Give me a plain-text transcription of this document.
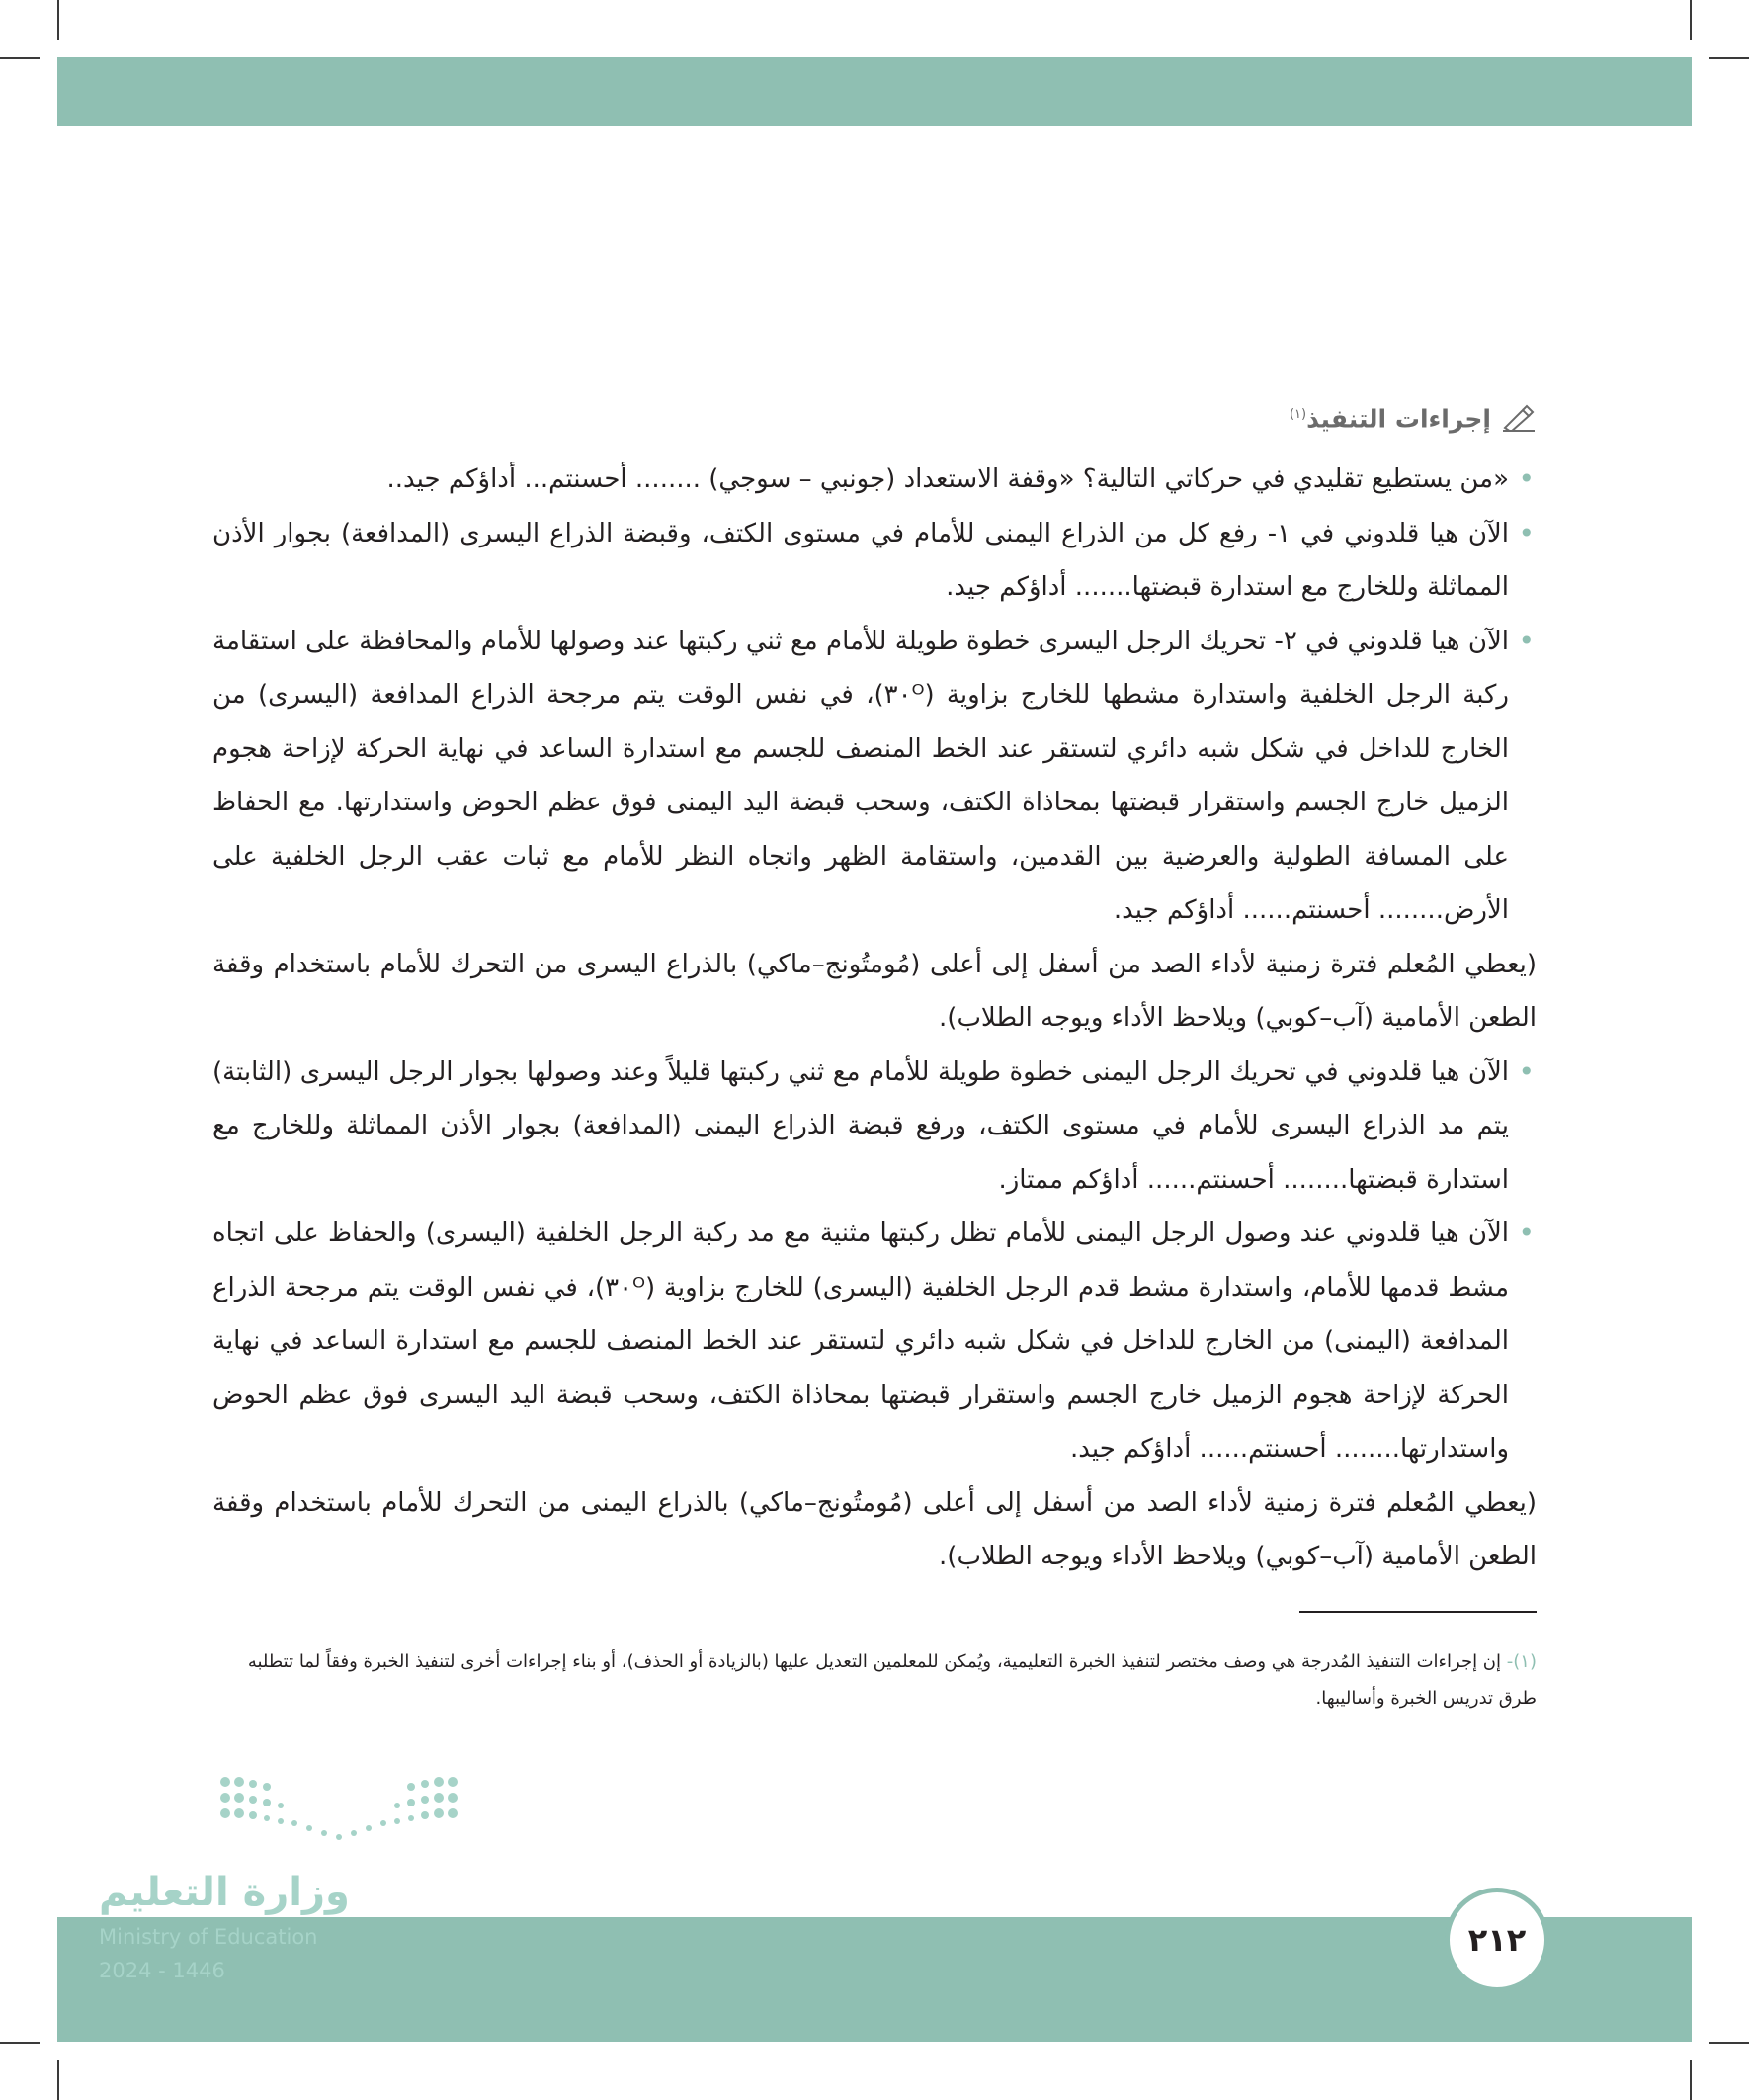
إجراءات التنفيذ$^{(١)}$

•
«من يستطيع تقليدي في حركاتي التالية؟ «وقفة الاستعداد (جونبي – سوجي) ........ أحسنتم... أداؤكم جيد..

•
الآن هيا قلدوني في ١- رفع كل من الذراع اليمنى للأمام في مستوى الكتف، وقبضة الذراع اليسرى (المدافعة) بجوار الأذن المماثلة وللخارج مع استدارة قبضتها....... أداؤكم جيد.

•
الآن هيا قلدوني في ٢- تحريك الرجل اليسرى خطوة طويلة للأمام مع ثني ركبتها عند وصولها للأمام والمحافظة على استقامة ركبة الرجل الخلفية واستدارة مشطها للخارج بزاوية (٣٠ᴼ)، في نفس الوقت يتم مرجحة الذراع المدافعة (اليسرى) من الخارج للداخل في شكل شبه دائري لتستقر عند الخط المنصف للجسم مع استدارة الساعد في نهاية الحركة لإزاحة هجوم الزميل خارج الجسم واستقرار قبضتها بمحاذاة الكتف، وسحب قبضة اليد اليمنى فوق عظم الحوض واستدارتها. مع الحفاظ على المسافة الطولية والعرضية بين القدمين، واستقامة الظهر واتجاه النظر للأمام مع ثبات عقب الرجل الخلفية على الأرض........ أحسنتم...... أداؤكم جيد.

(يعطي المُعلم فترة زمنية لأداء الصد من أسفل إلى أعلى (مُومتُونج–ماكي) بالذراع اليسرى من التحرك للأمام باستخدام وقفة الطعن الأمامية (آب–كوبي) ويلاحظ الأداء ويوجه الطلاب).

•
الآن هيا قلدوني في تحريك الرجل اليمنى خطوة طويلة للأمام مع ثني ركبتها قليلاً وعند وصولها بجوار الرجل اليسرى (الثابتة) يتم مد الذراع اليسرى للأمام في مستوى الكتف، ورفع قبضة الذراع اليمنى (المدافعة) بجوار الأذن المماثلة وللخارج مع استدارة قبضتها........ أحسنتم...... أداؤكم ممتاز.

•
الآن هيا قلدوني عند وصول الرجل اليمنى للأمام تظل ركبتها مثنية مع مد ركبة الرجل الخلفية (اليسرى) والحفاظ على اتجاه مشط قدمها للأمام، واستدارة مشط قدم الرجل الخلفية (اليسرى) للخارج بزاوية (٣٠ᴼ)، في نفس الوقت يتم مرجحة الذراع المدافعة (اليمنى) من الخارج للداخل في شكل شبه دائري لتستقر عند الخط المنصف للجسم مع استدارة الساعد في نهاية الحركة لإزاحة هجوم الزميل خارج الجسم واستقرار قبضتها بمحاذاة الكتف، وسحب قبضة اليد اليسرى فوق عظم الحوض واستدارتها........ أحسنتم...... أداؤكم جيد.

(يعطي المُعلم فترة زمنية لأداء الصد من أسفل إلى أعلى (مُومتُونج–ماكي) بالذراع اليمنى من التحرك للأمام باستخدام وقفة الطعن الأمامية (آب–كوبي) ويلاحظ الأداء ويوجه الطلاب).

(١)- إن إجراءات التنفيذ المُدرجة هي وصف مختصر لتنفيذ الخبرة التعليمية، ويُمكن للمعلمين التعديل عليها (بالزيادة أو الحذف)، أو بناء إجراءات أخرى لتنفيذ الخبرة وفقاً لما تتطلبه طرق تدريس الخبرة وأساليبها.
وزارة التعليم
Ministry of Education
2024 - 1446
٢١٢
